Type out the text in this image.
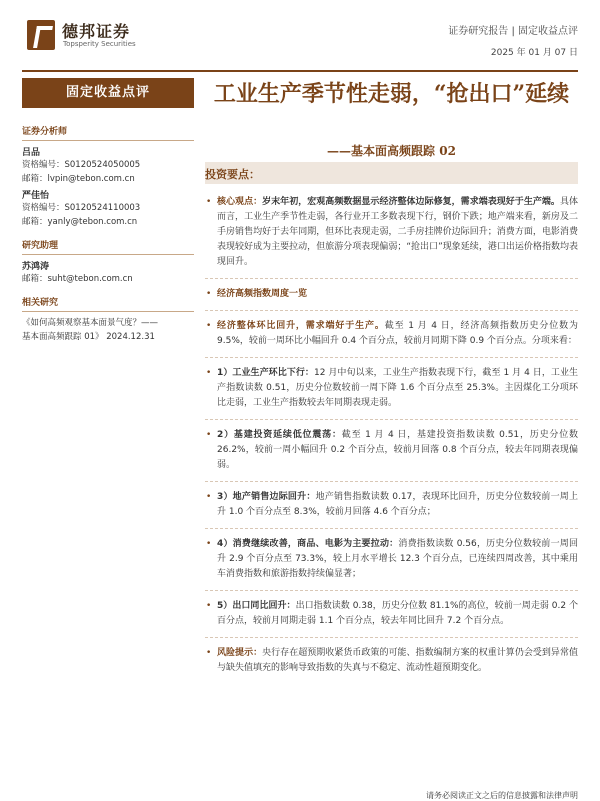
德邦证券
Topsperity Securities
证券研究报告 | 固定收益点评
2025 年 01 月 07 日
固定收益点评	工业生产季节性走弱，“抢出口”延续
——基本面高频跟踪 02
证券分析师
吕品
资格编号：S0120524050005
邮箱：lvpin@tebon.com.cn
严佳怡
资格编号：S0120524110003
邮箱：yanly@tebon.com.cn
研究助理
苏鸿涛
邮箱：suht@tebon.com.cn
相关研究
《如何高频观察基本面景气度？——
基本面高频跟踪 01》 2024.12.31
投资要点：
• 核心观点：岁末年初，宏观高频数据显示经济整体边际修复，需求端表现好于生产端。具体而言，工业生产季节性走弱，各行业开工多数表现下行，钢价下跌；地产端来看，新房及二手房销售均好于去年同期，但环比表现走弱，二手房挂牌价边际回升；消费方面，电影消费表现较好成为主要拉动，但旅游分项表现偏弱；“抢出口”现象延续，港口出运价格指数均表现回升。
• 经济高频指数周度一览
• 经济整体环比回升，需求端好于生产。截至 1 月 4 日，经济高频指数历史分位数为 9.5%，较前一周环比小幅回升 0.4 个百分点，较前月同期下降 0.9 个百分点。分项来看：
• 1）工业生产环比下行：12 月中旬以来，工业生产指数表现下行，截至 1 月 4 日，工业生产指数读数 0.51，历史分位数较前一周下降 1.6 个百分点至 25.3%。主因煤化工分项环比走弱，工业生产指数较去年同期表现走弱。
• 2）基建投资延续低位震荡：截至 1 月 4 日，基建投资指数读数 0.51，历史分位数 26.2%，较前一周小幅回升 0.2 个百分点，较前月回落 0.8 个百分点，较去年同期表现偏弱。
• 3）地产销售边际回升：地产销售指数读数 0.17，表现环比回升，历史分位数较前一周上升 1.0 个百分点至 8.3%，较前月回落 4.6 个百分点；
• 4）消费继续改善，商品、电影为主要拉动：消费指数读数 0.56，历史分位数较前一周回升 2.9 个百分点至 73.3%，较上月水平增长 12.3 个百分点，已连续四周改善，其中乘用车消费指数和旅游指数持续偏显著；
• 5）出口同比回升：出口指数读数 0.38，历史分位数 81.1%的高位，较前一周走弱 0.2 个百分点，较前月同期走弱 1.1 个百分点，较去年同比回升 7.2 个百分点。
• 风险提示：央行存在超预期收紧货币政策的可能、指数编制方案的权重计算仍会受到异常值与缺失值填充的影响导致指数的失真与不稳定、流动性超预期变化。
请务必阅读正文之后的信息披露和法律声明
